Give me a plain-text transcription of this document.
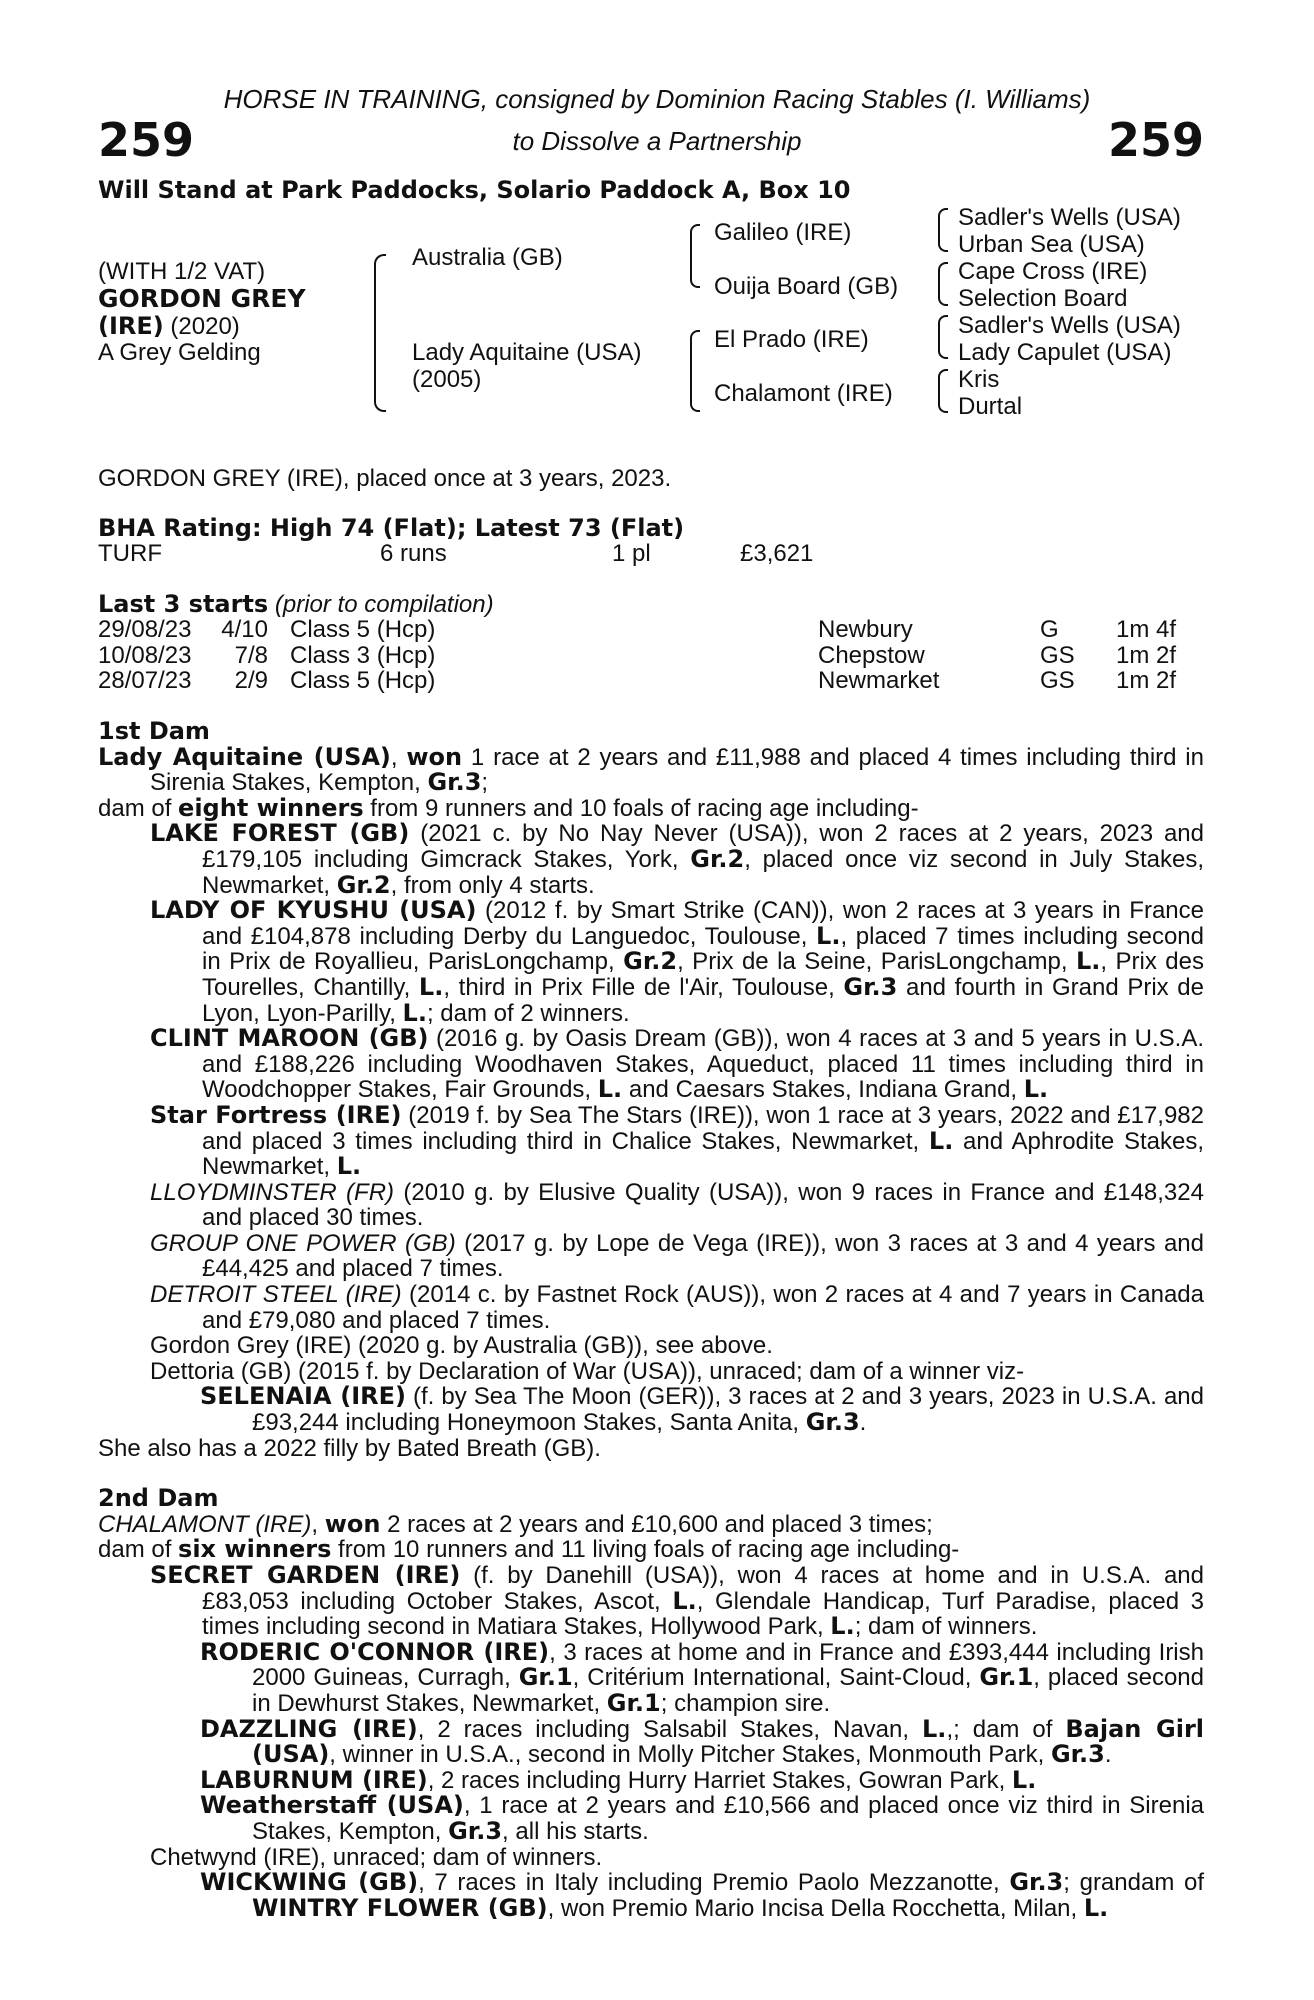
HORSE IN TRAINING, consigned by Dominion Racing Stables (I. Williams)
to Dissolve a Partnership
259	259
Will Stand at Park Paddocks, Solario Paddock A, Box 10
(WITH 1/2 VAT)
GORDON GREY
(IRE) (2020)
A Grey Gelding
Australia (GB)
Lady Aquitaine (USA)
(2005)
Galileo (IRE)
Ouija Board (GB)
El Prado (IRE)
Chalamont (IRE)
Sadler's Wells (USA)
Urban Sea (USA)
Cape Cross (IRE)
Selection Board
Sadler's Wells (USA)
Lady Capulet (USA)
Kris
Durtal
GORDON GREY (IRE), placed once at 3 years, 2023.
BHA Rating: High 74 (Flat); Latest 73 (Flat)
TURF	6 runs	1 pl	£3,621
Last 3 starts (prior to compilation)
29/08/23 4/10 Class 5 (Hcp)	Newbury	G 1m 4f
10/08/23 7/8 Class 3 (Hcp)	Chepstow	GS 1m 2f
28/07/23 2/9 Class 5 (Hcp)	Newmarket	GS 1m 2f

1st Dam

Lady Aquitaine (USA), won 1 race at 2 years and £11,988 and placed 4 times including third in Sirenia Stakes, Kempton, Gr.3;

dam of eight winners from 9 runners and 10 foals of racing age including-

LAKE FOREST (GB) (2021 c. by No Nay Never (USA)), won 2 races at 2 years, 2023 and £179,105 including Gimcrack Stakes, York, Gr.2, placed once viz second in July Stakes, Newmarket, Gr.2, from only 4 starts.

LADY OF KYUSHU (USA) (2012 f. by Smart Strike (CAN)), won 2 races at 3 years in France and £104,878 including Derby du Languedoc, Toulouse, L., placed 7 times including second in Prix de Royallieu, ParisLongchamp, Gr.2, Prix de la Seine, ParisLongchamp, L., Prix des Tourelles, Chantilly, L., third in Prix Fille de l'Air, Toulouse, Gr.3 and fourth in Grand Prix de Lyon, Lyon-Parilly, L.; dam of 2 winners.

CLINT MAROON (GB) (2016 g. by Oasis Dream (GB)), won 4 races at 3 and 5 years in U.S.A. and £188,226 including Woodhaven Stakes, Aqueduct, placed 11 times including third in Woodchopper Stakes, Fair Grounds, L. and Caesars Stakes, Indiana Grand, L.

Star Fortress (IRE) (2019 f. by Sea The Stars (IRE)), won 1 race at 3 years, 2022 and £17,982 and placed 3 times including third in Chalice Stakes, Newmarket, L. and Aphrodite Stakes, Newmarket, L.

LLOYDMINSTER (FR) (2010 g. by Elusive Quality (USA)), won 9 races in France and £148,324 and placed 30 times.

GROUP ONE POWER (GB) (2017 g. by Lope de Vega (IRE)), won 3 races at 3 and 4 years and £44,425 and placed 7 times.

DETROIT STEEL (IRE) (2014 c. by Fastnet Rock (AUS)), won 2 races at 4 and 7 years in Canada and £79,080 and placed 7 times.

Gordon Grey (IRE) (2020 g. by Australia (GB)), see above.

Dettoria (GB) (2015 f. by Declaration of War (USA)), unraced; dam of a winner viz-

SELENAIA (IRE) (f. by Sea The Moon (GER)), 3 races at 2 and 3 years, 2023 in U.S.A. and £93,244 including Honeymoon Stakes, Santa Anita, Gr.3.

She also has a 2022 filly by Bated Breath (GB).

2nd Dam

CHALAMONT (IRE), won 2 races at 2 years and £10,600 and placed 3 times;

dam of six winners from 10 runners and 11 living foals of racing age including-

SECRET GARDEN (IRE) (f. by Danehill (USA)), won 4 races at home and in U.S.A. and £83,053 including October Stakes, Ascot, L., Glendale Handicap, Turf Paradise, placed 3 times including second in Matiara Stakes, Hollywood Park, L.; dam of winners.

RODERIC O'CONNOR (IRE), 3 races at home and in France and £393,444 including Irish 2000 Guineas, Curragh, Gr.1, Critérium International, Saint-Cloud, Gr.1, placed second in Dewhurst Stakes, Newmarket, Gr.1; champion sire.

DAZZLING (IRE), 2 races including Salsabil Stakes, Navan, L.,; dam of Bajan Girl (USA), winner in U.S.A., second in Molly Pitcher Stakes, Monmouth Park, Gr.3.

LABURNUM (IRE), 2 races including Hurry Harriet Stakes, Gowran Park, L.

Weatherstaff (USA), 1 race at 2 years and £10,566 and placed once viz third in Sirenia Stakes, Kempton, Gr.3, all his starts.

Chetwynd (IRE), unraced; dam of winners.

WICKWING (GB), 7 races in Italy including Premio Paolo Mezzanotte, Gr.3; grandam of WINTRY FLOWER (GB), won Premio Mario Incisa Della Rocchetta, Milan, L.
